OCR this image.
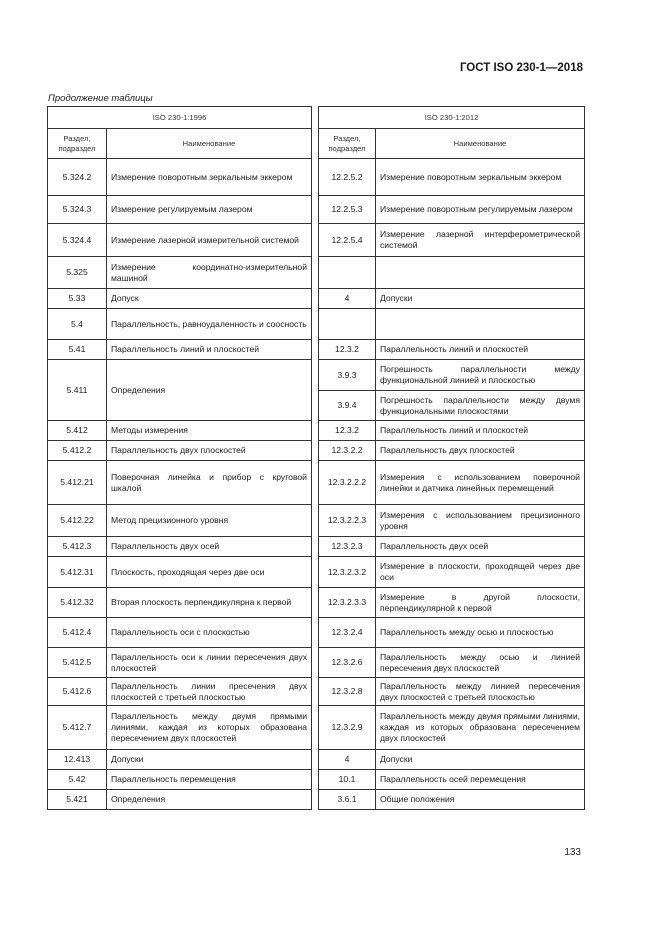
ГОСТ ISO 230-1—2018
Продолжение таблицы
ISO 230-1:1996	
Раздел, подраздел	Наименование
5.324.2	Измерение поворотным зеркальным эккером
5.324.3	Измерение регулируемым лазером
5.324.4	Измерение лазерной измерительной системой
5.325	Измерение координатно-измерительной машиной
5.33	Допуск
5.4	Параллельность, равноудаленность и соосность
5.41	Параллельность линий и плоскостей
5.411	Определения
5.412	Методы измерения
5.412.2	Параллельность двух плоскостей
5.412.21	Поверочная линейка и прибор с круговой шкалой
5.412.22	Метод прецизионного уровня
5.412.3	Параллельность двух осей
5.412.31	Плоскость, проходящая через две оси
5.412.32	Вторая плоскость перпендикулярна к первой
5.412.4	Параллельность оси с плоскостью
5.412.5	Параллельность оси к линии пересечения двух плоскостей
5.412.6	Параллельность линии пресечения двух плоскостей с третьей плоскостью
5.412.7	Параллельность между двумя прямыми линиями, каждая из которых образована пересечением двух плоскостей
12.413	Допуски
5.42	Параллельность перемещения
5.421	Определения
ISO 230-1:2012	
Раздел, подраздел	Наименование
12.2.5.2	Измерение поворотным зеркальным эккером
12.2.5.3	Измерение поворотным регулируемым лазером
12.2.5.4	Измерение лазерной интерферометрической системой

4	Допуски

12.3.2	Параллельность линий и плоскостей
3.9.3	Погрешность параллельности между функциональной линией и плоскостью
3.9.4	Погрешность параллельности между двумя функциональными плоскостями
12.3.2	Параллельность линий и плоскостей
12.3.2.2	Параллельность двух плоскостей
12.3.2.2.2	Измерения с использованием поверочной линейки и датчика линейных перемещений
12.3.2.2.3	Измерения с использованием прецизионного уровня
12.3.2.3	Параллельность двух осей
12.3.2.3.2	Измерение в плоскости, проходящей через две оси
12.3.2.3.3	Измерение в другой плоскости, перпендикулярной к первой
12.3.2.4	Параллельность между осью и плоскостью
12.3.2.6	Параллельность между осью и линией пересечения двух плоскостей
12.3.2.8	Параллельность между линией пересечения двух плоскостей с третьей плоскостью
12.3.2.9	Параллельность между двумя прямыми линиями, каждая из которых образована пересечением двух плоскостей
4	Допуски
10.1	Параллельность осей перемещения
3.6.1	Общие положения
133
